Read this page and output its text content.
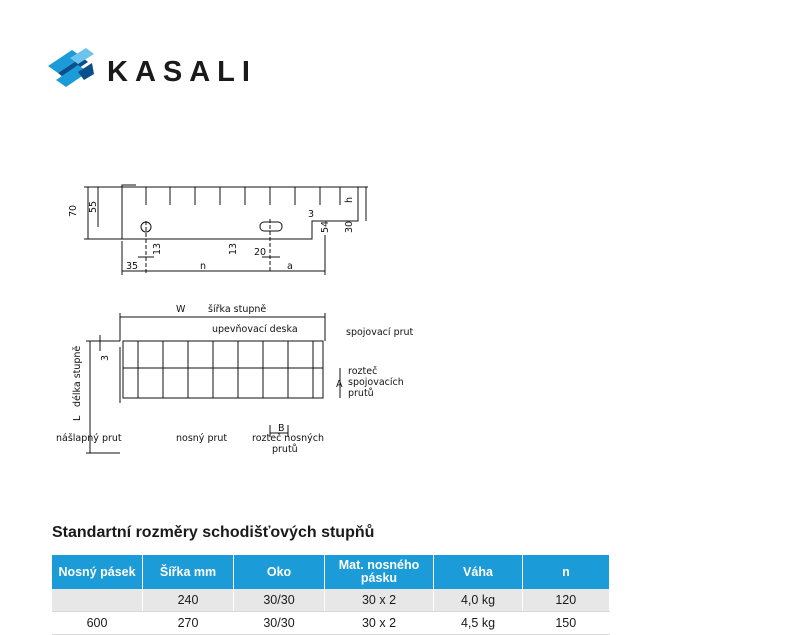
KASALI
70 55
13	13 20
3
54 30
h
35	n	a
W šířka stupně
upevňovací deska	spojovací prut
rozteč
spojovacích
prutů
A
L
délka stupně 3
nášlapný prut	nosný prut
B
rozteč nosných
prutů
Standartní rozměry schodišťových stupňů
Nosný pásek	Šířka mm	Oko	Mat. nosného pásku	Váha	n
	240	30/30	30 x 2	4,0 kg	120
600	270	30/30	30 x 2	4,5 kg	150
